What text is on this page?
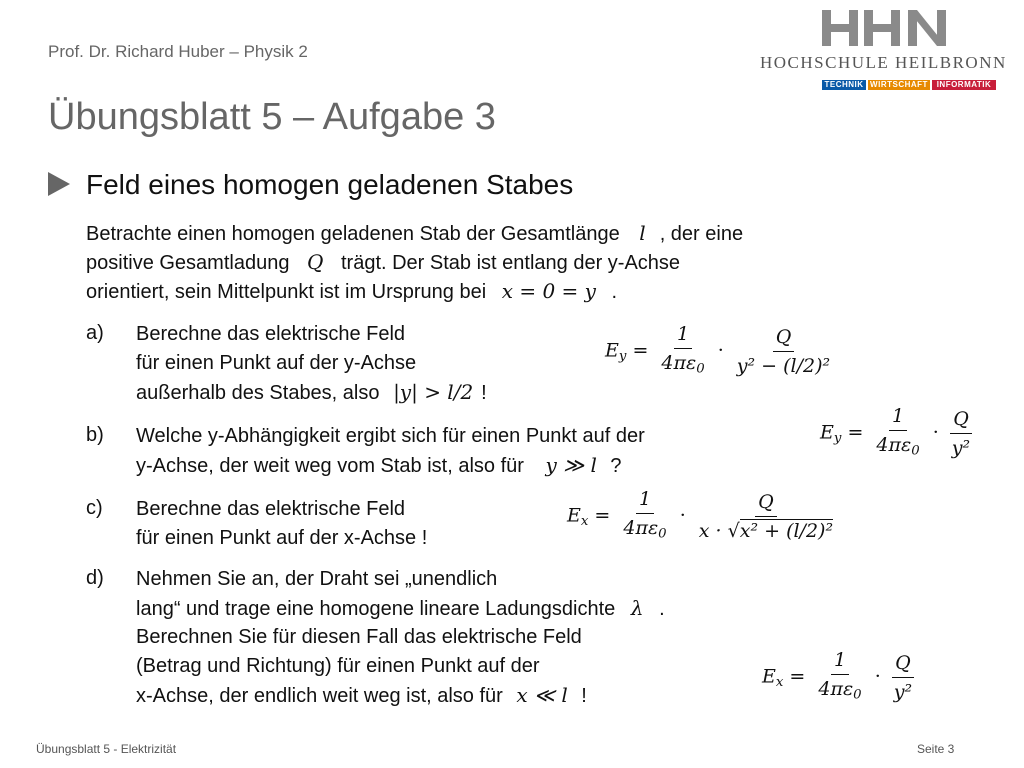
Prof. Dr. Richard Huber – Physik 2
HOCHSCHULE HEILBRONN
TECHNIK WIRTSCHAFT	INFORMATIK
Übungsblatt 5 – Aufgabe 3
Feld eines homogen geladenen Stabes
Betrachte einen homogen geladenen Stab der Gesamtlänge l , der eine
positive Gesamtladung Q trägt. Der Stab ist entlang der y-Achse
orientiert, sein Mittelpunkt ist im Ursprung bei x = 0 = y .
a) Berechne das elektrische Feld
für einen Punkt auf der y-Achse
außerhalb des Stabes, also |y| > l/2 !
$E_y = \frac{1}{4\pi\varepsilon_0} \cdot \frac{Q}{\text{y² − (l/2)²}}$
b) Welche y-Abhängigkeit ergibt sich für einen Punkt auf der
y-Achse, der weit weg vom Stab ist, also für y ≫ l ?
$E_y = \frac{1}{4\pi\varepsilon_0} \cdot \frac{Q}{\text{y²}}$
c) Berechne das elektrische Feld
für einen Punkt auf der x-Achse !
$E_x = \frac{1}{4\pi\varepsilon_0} \cdot \frac{Q}{\text{x · √x² + (l/2)²}}$
d) Nehmen Sie an, der Draht sei „unendlich
lang“ und trage eine homogene lineare Ladungsdichte λ .
Berechnen Sie für diesen Fall das elektrische Feld
(Betrag und Richtung) für einen Punkt auf der
x-Achse, der endlich weit weg ist, also für x ≪ l !
$E_x = \frac{1}{4\pi\varepsilon_0} \cdot \frac{Q}{\text{y²}}$
Übungsblatt 5 - Elektrizität	Seite 3
